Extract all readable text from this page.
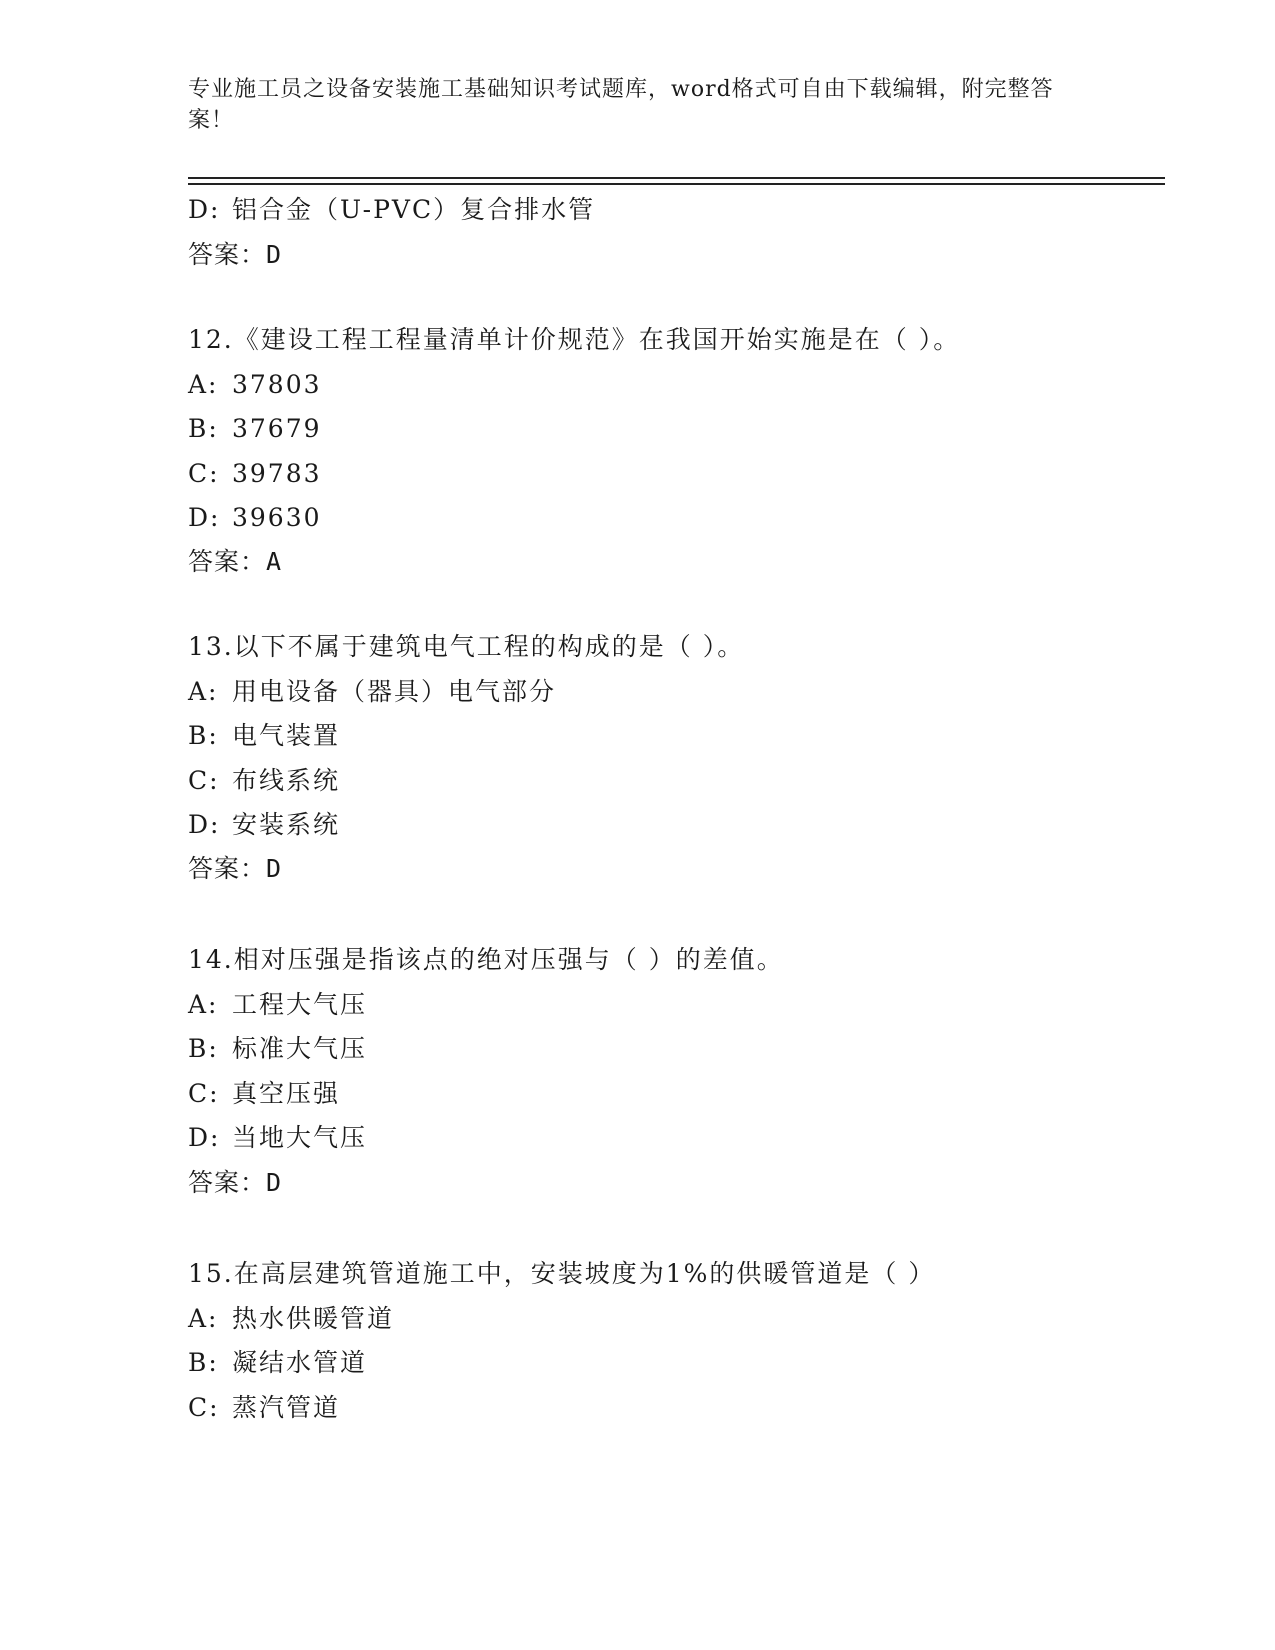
专业施工员之设备安装施工基础知识考试题库，word格式可自由下载编辑，附完整答案！
D: 铝合金（U-PVC）复合排水管
答案：D
12.《建设工程工程量清单计价规范》在我国开始实施是在（ ）。
A: 37803
B: 37679
C: 39783
D: 39630
答案：A
13.以下不属于建筑电气工程的构成的是（ ）。
A: 用电设备（器具）电气部分
B: 电气装置
C: 布线系统
D: 安装系统
答案：D
14.相对压强是指该点的绝对压强与（ ）的差值。
A: 工程大气压
B: 标准大气压
C: 真空压强
D: 当地大气压
答案：D
15.在高层建筑管道施工中，安装坡度为1%的供暖管道是（ ）
A: 热水供暖管道
B: 凝结水管道
C: 蒸汽管道
